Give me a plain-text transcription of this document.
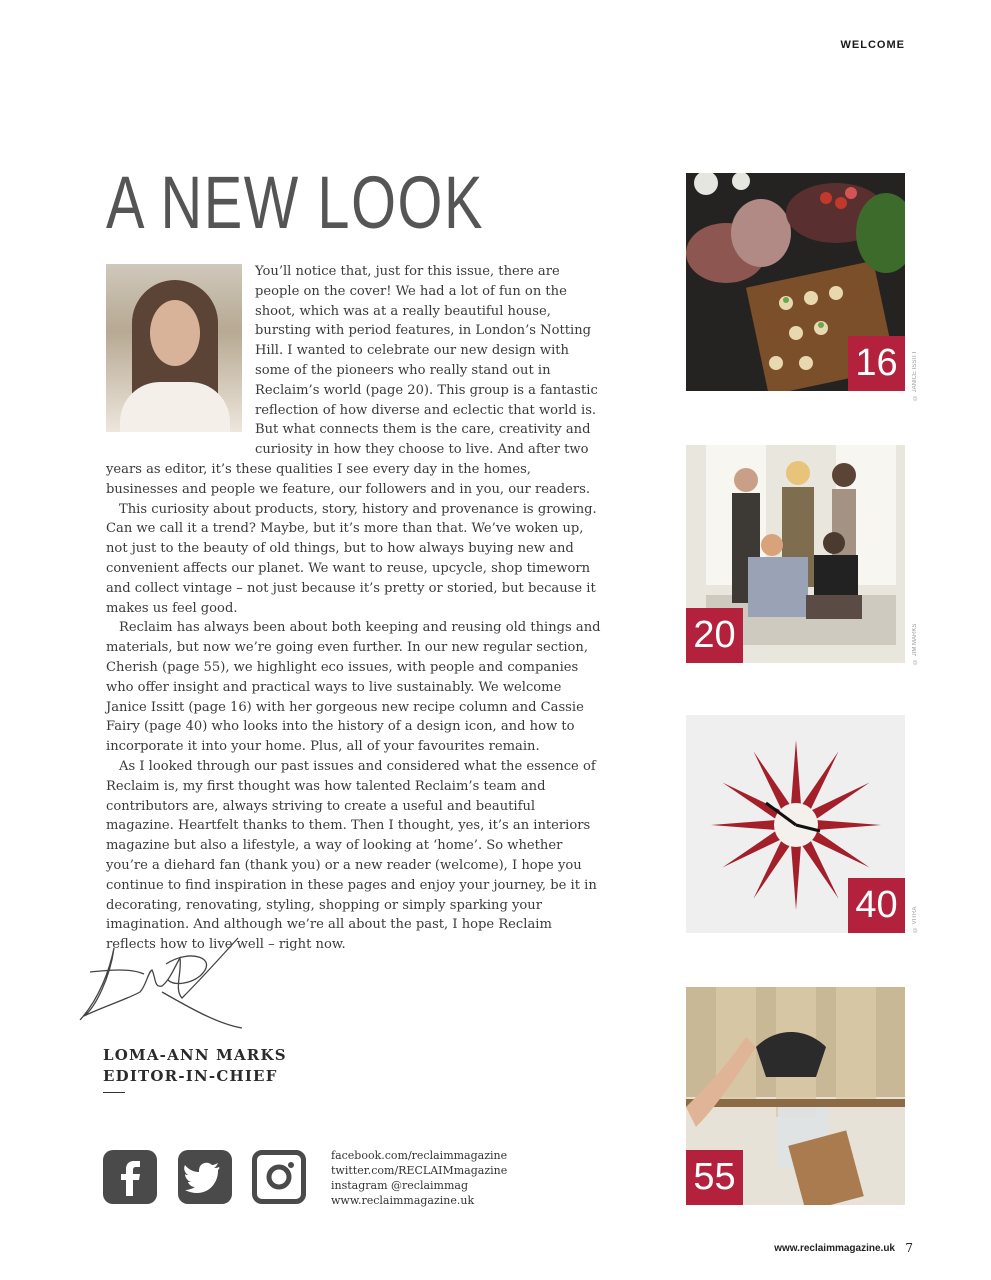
WELCOME
A NEW LOOK

You’ll notice that, just for this issue, there are people on the cover! We had a lot of fun on the shoot, which was at a really beautiful house, bursting with period features, in London’s Notting Hill. I wanted to celebrate our new design with some of the pioneers who really stand out in Reclaim’s world (page 20). This group is a fantastic reflection of how diverse and eclectic that world is. But what connects them is the care, creativity and curiosity in how they choose to live. And after two years as editor, it’s these qualities I see every day in the homes, businesses and people we feature, our followers and in you, our readers.

This curiosity about products, story, history and provenance is growing. Can we call it a trend? Maybe, but it’s more than that. We’ve woken up, not just to the beauty of old things, but to how always buying new and convenient affects our planet. We want to reuse, upcycle, shop timeworn and collect vintage – not just because it’s pretty or storied, but because it makes us feel good.

Reclaim has always been about both keeping and reusing old things and materials, but now we’re going even further. In our new regular section, Cherish (page 55), we highlight eco issues, with people and companies who offer insight and practical ways to live sustainably. We welcome Janice Issitt (page 16) with her gorgeous new recipe column and Cassie Fairy (page 40) who looks into the history of a design icon, and how to incorporate it into your home. Plus, all of your favourites remain.

As I looked through our past issues and considered what the essence of Reclaim is, my first thought was how talented Reclaim’s team and contributors are, always striving to create a useful and beautiful magazine. Heartfelt thanks to them. Then I thought, yes, it’s an interiors magazine but also a lifestyle, a way of looking at ‘home’. So whether you’re a diehard fan (thank you) or a new reader (welcome), I hope you continue to find inspiration in these pages and enjoy your journey, be it in decorating, renovating, styling, shopping or simply sparking your imagination. And although we’re all about the past, I hope Reclaim reflects how to live well – right now.

LOMA-ANN MARKS
EDITOR-IN-CHIEF
facebook.com/reclaimmagazine
twitter.com/RECLAIMmagazine
instagram @reclaimmag
www.reclaimmagazine.uk
16	© JANICE ISSITT
20	© JIM MARKS
40	© VITRA
55
www.reclaimmagazine.uk 7
